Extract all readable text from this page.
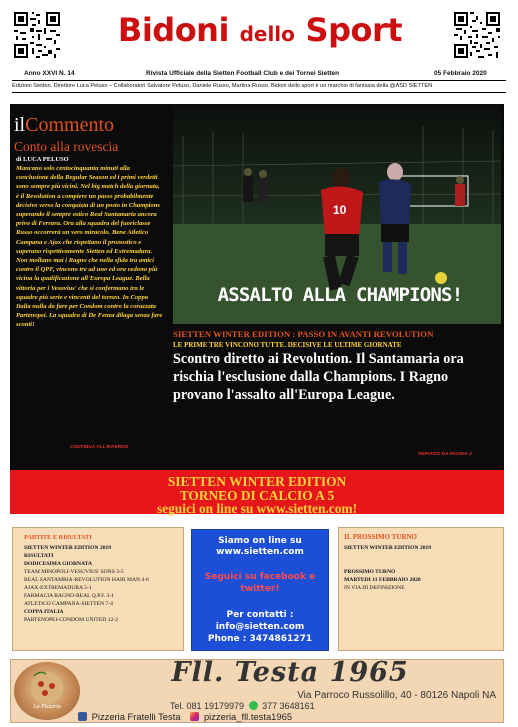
Bidoni dello Sport
Anno XXVI N. 14	Rivista Ufficiale della Sietten Football Club e dei Tornei Sietten	05 Febbraio 2020
Edizioni Sietten. Direttore Luca Peluso – Collaboratori Salvatore Peluso, Daniele Russo, Martina Russo. Bidoni dello sport è un marchio di fantasia della @ASD SIETTEN
ilCommento
Conto alla rovescia
di LUCA PELUSO
Mancano solo centocinquanta minuti alla conclusione della Regular Season ed i primi verdetti sono sempre più vicini. Nel big match della giornata, è il Revolution a compiere un passo probabilmente decisivo verso la conquista di un posto in Champions superando il sempre ostico Real Santamaria ancora privo di Ferrara. Ora alla squadra del fuoriclasse Russo occorrerà un vero miracolo. Bene Atletico Campana e Ajax che rispettano il pronostico e superano rispettivamente Sietten ed Extremadura. Non mollano mai i Ragno che nella sfida tra amici contro il QPF, vincono tre ad uno ed ora vedono più vicina la qualificazione all'Europa League. Bella vittoria per i Vesuvius' che si confermano tra le squadre più serie e vincenti del torneo. In Coppa Italia nulla da fare per Condom contro la corazzata Partenopei. La squadra di De Fenza dilaga senza fare sconti!
CONTINUA ALL'INTERNO
10
ASSALTO ALLA CHAMPIONS!
SIETTEN WINTER EDITION : PASSO IN AVANTI REVOLUTION
LE PRIME TRE VINCONO TUTTE. DECISIVE LE ULTIME GIORNATE
Scontro diretto ai Revolution. Il Santamaria ora rischia l'esclusione dalla Champions. I Ragno provano l'assalto all'Europa League.
SERVIZIO DA PAGINA 2
SIETTEN WINTER EDITION
TORNEO DI CALCIO A 5
seguici on line su www.sietten.com!
PARTITE E RISULTATI
SIETTEN WINTER EDITION 2019
RISULTATI
DODICESIMA GIORNATA
TEAM MINOPOLI-VESUVIUS' SONS 3-5
REAL SANTAMRIA-REVOLUTION HAIR MAN 4-6
AJAX-EXTREMADURA 5-1
FARMACIA RAGNO-REAL Q.P.F. 3-1
ATLETICO CAMPANA-SIETTEN 7-4
COPPA ITALIA
PARTENOPEI-CONDOM UNITED 12-2
Siamo on line su
www.sietten.com
Seguici su facebook e
twitter!
Per contatti :
info@sietten.com
Phone : 3474861271
IL PROSSIMO TURNO
SIETTEN WINTER EDITION 2019
PROSSIMO TURNO
MARTEDI 11 FEBBRAIO 2020
IN VIA DI DEFINIZIONE
La Pizzeria
Fll. Testa 1965
Via Parroco Russolillo, 40 - 80126 Napoli NA
Tel. 081 19179979 377 3648161
Pizzeria Fratelli Testa pizzeria_fll.testa1965
